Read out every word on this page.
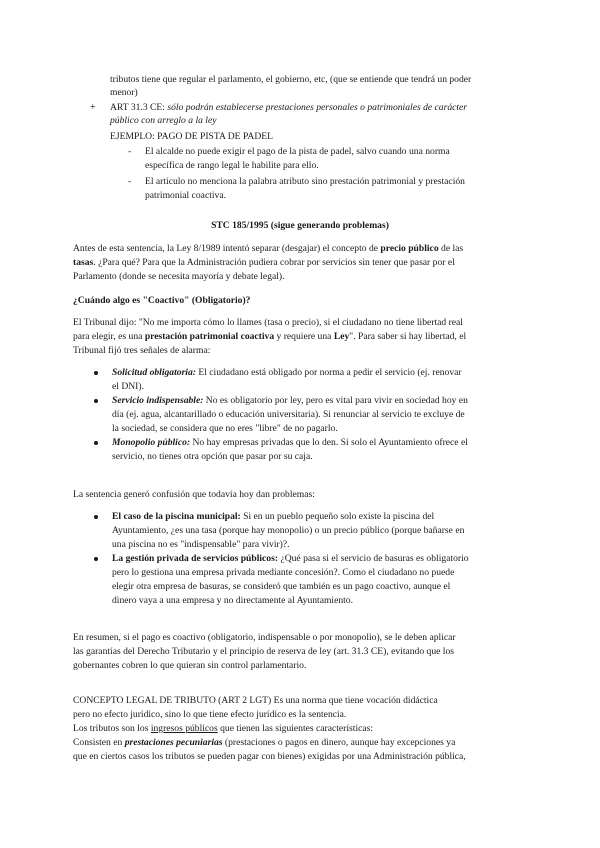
tributos tiene que regular el parlamento, el gobierno, etc, (que se entiende que tendrá un poder
menor)
+ ART 31.3 CE: sólo podrán establecerse prestaciones personales o patrimoniales de carácter
público con arreglo a la ley
EJEMPLO: PAGO DE PISTA DE PADEL
- El alcalde no puede exigir el pago de la pista de padel, salvo cuando una norma
específica de rango legal le habilite para ello.
- El artículo no menciona la palabra atributo sino prestación patrimonial y prestación
patrimonial coactiva.
STC 185/1995 (sigue generando problemas)
Antes de esta sentencia, la Ley 8/1989 intentó separar (desgajar) el concepto de precio público de las
tasas. ¿Para qué? Para que la Administración pudiera cobrar por servicios sin tener que pasar por el
Parlamento (donde se necesita mayoría y debate legal).
¿Cuándo algo es "Coactivo" (Obligatorio)?
El Tribunal dijo: "No me importa cómo lo llames (tasa o precio), si el ciudadano no tiene libertad real
para elegir, es una prestación patrimonial coactiva y requiere una Ley". Para saber si hay libertad, el
Tribunal fijó tres señales de alarma:
Solicitud obligatoria: El ciudadano está obligado por norma a pedir el servicio (ej. renovar
el DNI).
Servicio indispensable: No es obligatorio por ley, pero es vital para vivir en sociedad hoy en
día (ej. agua, alcantarillado o educación universitaria). Si renunciar al servicio te excluye de
la sociedad, se considera que no eres "libre" de no pagarlo.
Monopolio público: No hay empresas privadas que lo den. Si solo el Ayuntamiento ofrece el
servicio, no tienes otra opción que pasar por su caja.
La sentencia generó confusión que todavía hoy dan problemas:
El caso de la piscina municipal: Si en un pueblo pequeño solo existe la piscina del
Ayuntamiento, ¿es una tasa (porque hay monopolio) o un precio público (porque bañarse en
una piscina no es "indispensable" para vivir)?.
La gestión privada de servicios públicos: ¿Qué pasa si el servicio de basuras es obligatorio
pero lo gestiona una empresa privada mediante concesión?. Como el ciudadano no puede
elegir otra empresa de basuras, se consideró que también es un pago coactivo, aunque el
dinero vaya a una empresa y no directamente al Ayuntamiento.
En resumen, si el pago es coactivo (obligatorio, indispensable o por monopolio), se le deben aplicar
las garantías del Derecho Tributario y el principio de reserva de ley (art. 31.3 CE), evitando que los
gobernantes cobren lo que quieran sin control parlamentario.
CONCEPTO LEGAL DE TRIBUTO (ART 2 LGT) Es una norma que tiene vocación didáctica
pero no efecto jurídico, sino lo que tiene efecto jurídico es la sentencia.
Los tributos son los ingresos públicos que tienen las siguientes características:
Consisten en prestaciones pecuniarias (prestaciones o pagos en dinero, aunque hay excepciones ya
que en ciertos casos los tributos se pueden pagar con bienes) exigidas por una Administración pública,
